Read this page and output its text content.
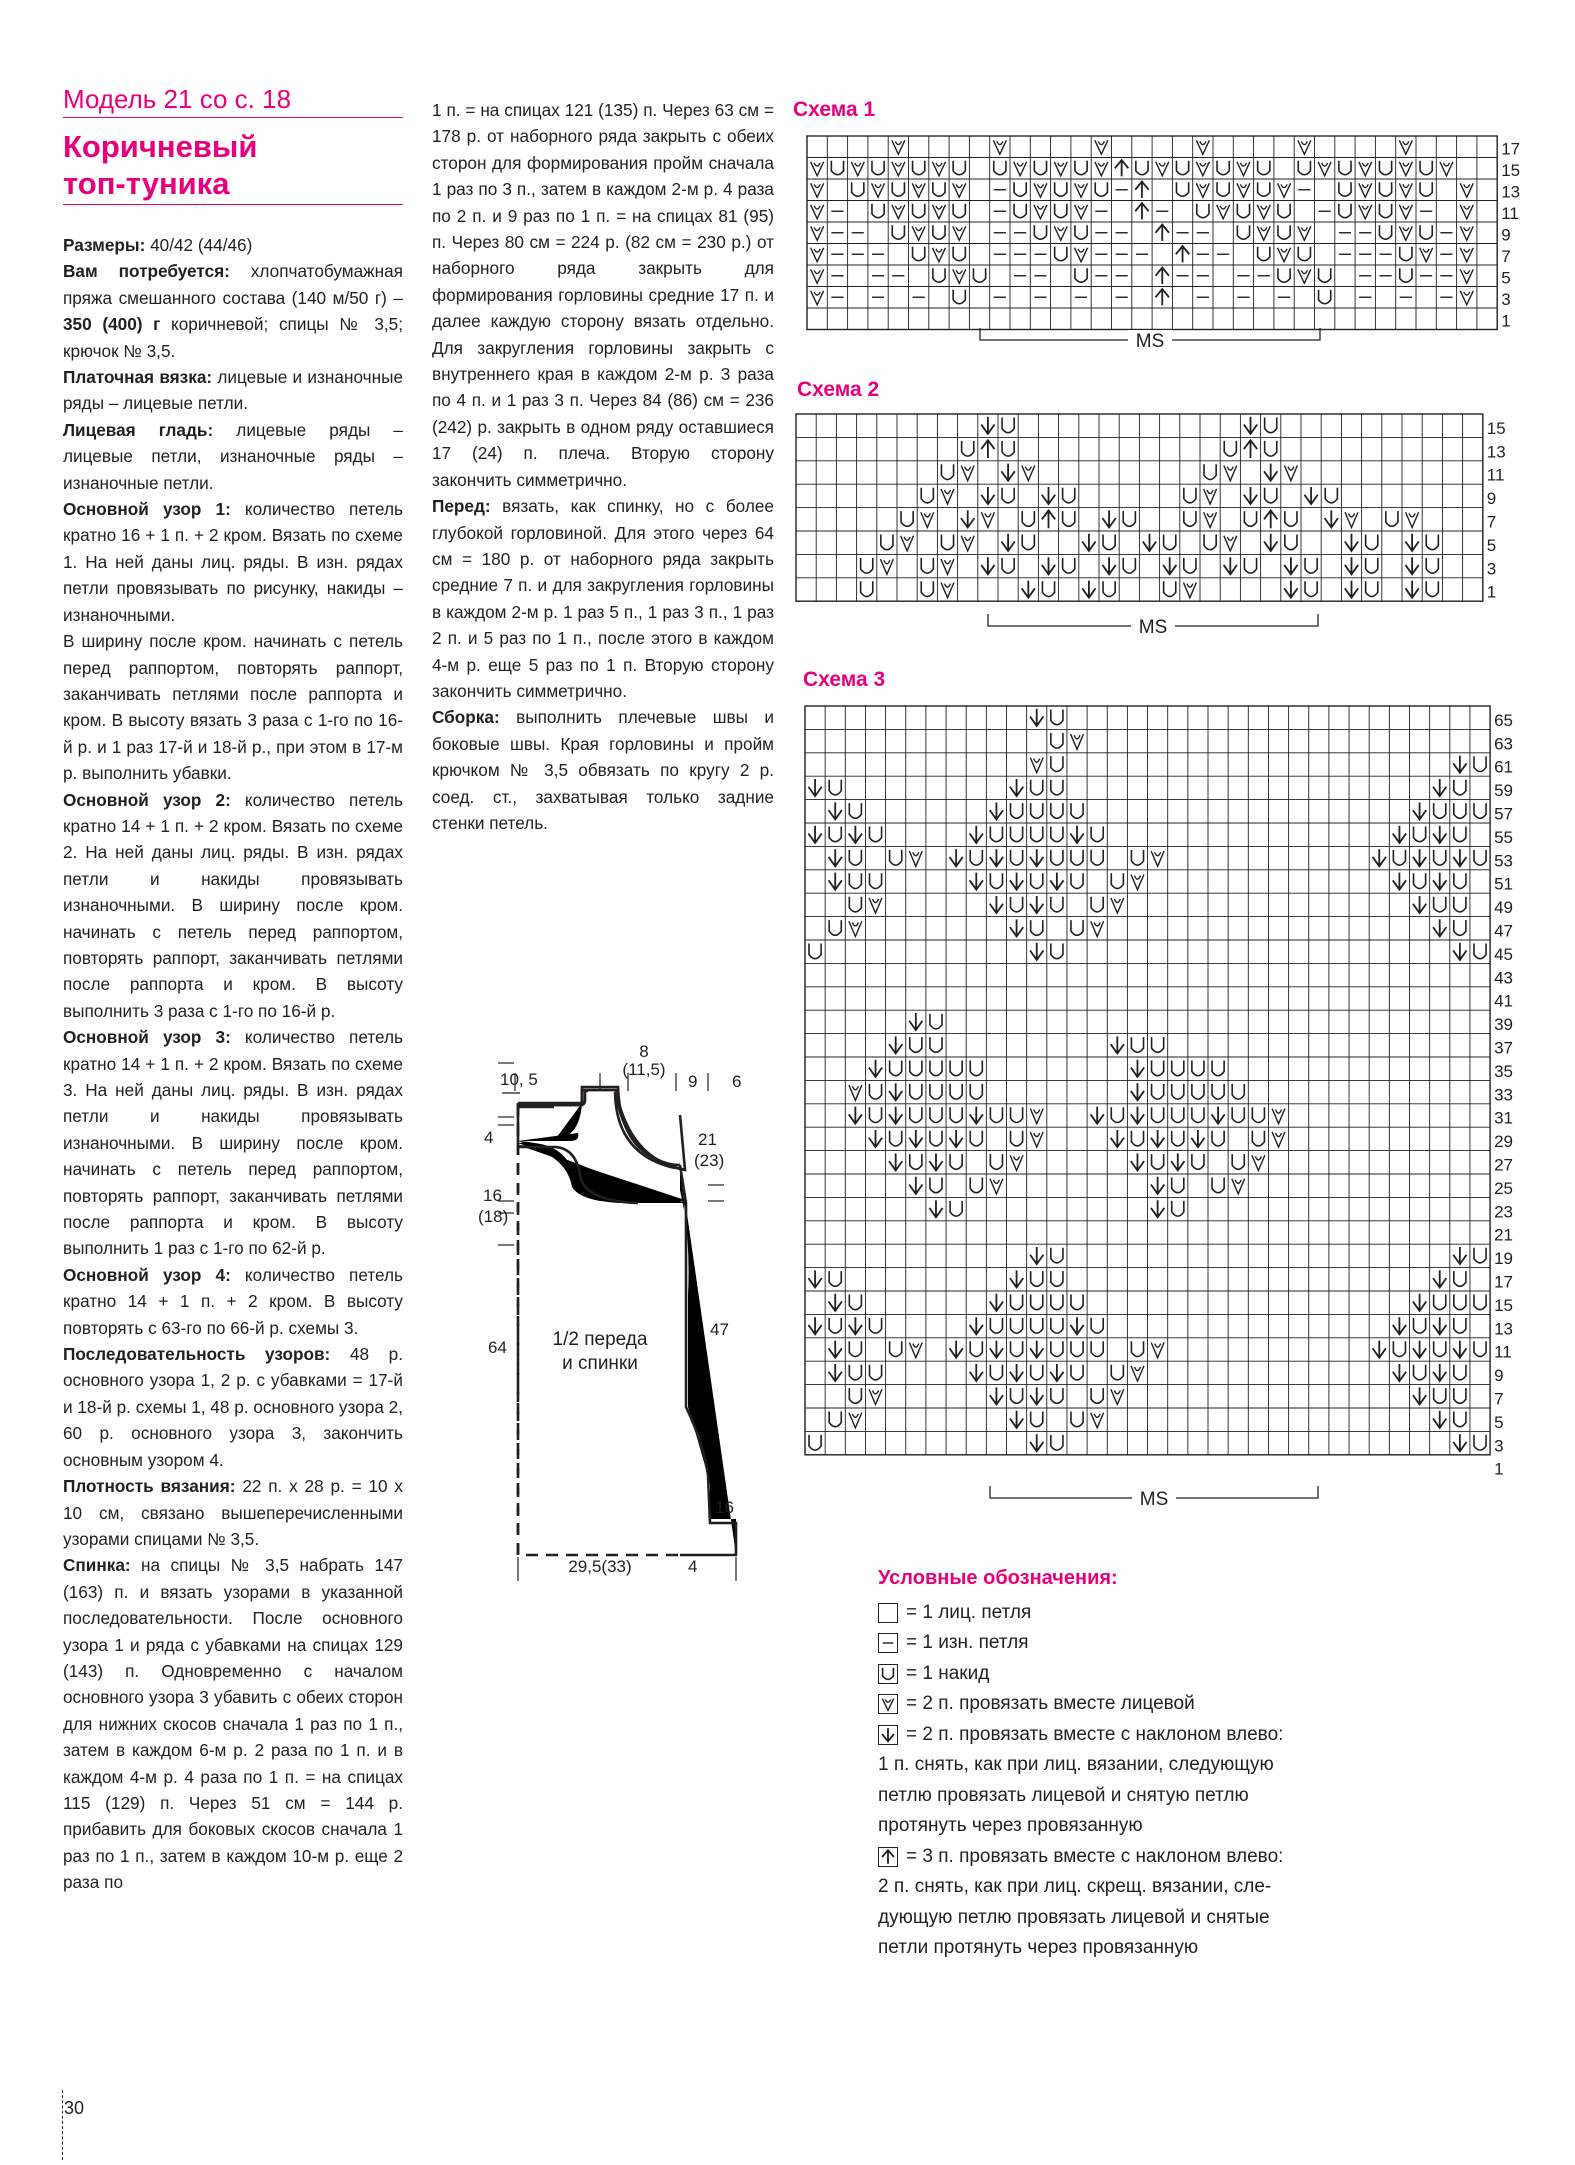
Модель 21 со с. 18
Коричневый
топ-туника

Размеры: 40/42 (44/46)

Вам потребуется: хлопчатобумажная пряжа смешанного состава (140 м/50 г) – 350 (400) г коричневой; спицы № 3,5; крючок № 3,5.

Платочная вязка: лицевые и изнаночные ряды – лицевые петли.

Лицевая гладь: лицевые ряды – лицевые петли, изнаночные ряды – изнаночные петли.

Основной узор 1: количество петель кратно 16 + 1 п. + 2 кром. Вязать по схеме 1. На ней даны лиц. ряды. В изн. рядах петли провязывать по рисунку, накиды – изнаночными.

В ширину после кром. начинать с петель перед раппортом, повторять раппорт, заканчивать петлями после раппорта и кром. В высоту вязать 3 раза с 1-го по 16-й р. и 1 раз 17-й и 18-й р., при этом в 17-м р. выполнить убавки.

Основной узор 2: количество петель кратно 14 + 1 п. + 2 кром. Вязать по схеме 2. На ней даны лиц. ряды. В изн. рядах петли и накиды провязывать изнаночными. В ширину после кром. начинать с петель перед раппортом, повторять раппорт, заканчивать петлями после раппорта и кром. В высоту выполнить 3 раза с 1-го по 16-й р.

Основной узор 3: количество петель кратно 14 + 1 п. + 2 кром. Вязать по схеме 3. На ней даны лиц. ряды. В изн. рядах петли и накиды провязывать изнаночными. В ширину после кром. начинать с петель перед раппортом, повторять раппорт, заканчивать петлями после раппорта и кром. В высоту выполнить 1 раз с 1-го по 62-й р.

Основной узор 4: количество петель кратно 14 + 1 п. + 2 кром. В высоту повторять с 63-го по 66-й р. схемы 3.

Последовательность узоров: 48 р. основного узора 1, 2 р. с убавками = 17-й и 18-й р. схемы 1, 48 р. основного узора 2, 60 р. основного узора 3, закончить основным узором 4.

Плотность вязания: 22 п. х 28 р. = 10 х 10 см, связано вышеперечисленными узорами спицами № 3,5.

Спинка: на спицы № 3,5 набрать 147 (163) п. и вязать узорами в указанной последовательности. После основного узора 1 и ряда с убавками на спицах 129 (143) п. Одновременно с началом основного узора 3 убавить с обеих сторон для нижних скосов сначала 1 раз по 1 п., затем в каждом 6-м р. 2 раза по 1 п. и в каждом 4-м р. 4 раза по 1 п. = на спицах 115 (129) п. Через 51 см = 144 р. прибавить для боковых скосов сначала 1 раз по 1 п., затем в каждом 10-м р. еще 2 раза по

1 п. = на спицах 121 (135) п. Через 63 см = 178 р. от наборного ряда закрыть с обеих сторон для формирования пройм сначала 1 раз по 3 п., затем в каждом 2-м р. 4 раза по 2 п. и 9 раз по 1 п. = на спицах 81 (95) п. Через 80 см = 224 р. (82 см = 230 р.) от наборного ряда закрыть для формирования горловины средние 17 п. и далее каждую сторону вязать отдельно. Для закругления горловины закрыть с внутреннего края в каждом 2-м р. 3 раза по 4 п. и 1 раз 3 п. Через 84 (86) см = 236 (242) р. закрыть в одном ряду оставшиеся 17 (24) п. плеча. Вторую сторону закончить симметрично.

Перед: вязать, как спинку, но с более глубокой горловиной. Для этого через 64 см = 180 р. от наборного ряда закрыть средние 7 п. и для закругления горловины в каждом 2-м р. 1 раз 5 п., 1 раз 3 п., 1 раз 2 п. и 5 раз по 1 п., после этого в каждом 4-м р. еще 5 раз по 1 п. Вторую сторону закончить симметрично.

Сборка: выполнить плечевые швы и боковые швы. Края горловины и пройм крючком № 3,5 обвязать по кругу 2 р. соед. ст., захватывая только задние стенки петель.

Схема 1
Схема 2
Схема 3
17
15
13
11
9
7
5
3
1
MS
15
13
11
9
7
5
3
1
MS
65
63
61
59
57
55
53
51
49
47
45
43
41
39
37
35
33
31
29
27
25
23
21
19
17
15
13
11
9
7
5
3
1
MS
10, 5
8
(11,5)
9 6
4
16
(18)
21
(23)
64
47
16
29,5(33)	4
1/2 переда
и спинки
Условные обозначения:
= 1 лиц. петля
= 1 изн. петля
= 1 накид
= 2 п. провязать вместе лицевой
= 2 п. провязать вместе с наклоном влево:
1 п. снять, как при лиц. вязании, следующую
петлю провязать лицевой и снятую петлю
протянуть через провязанную
= 3 п. провязать вместе с наклоном влево:
2 п. снять, как при лиц. скрещ. вязании, сле-
дующую петлю провязать лицевой и снятые
петли протянуть через провязанную
30
